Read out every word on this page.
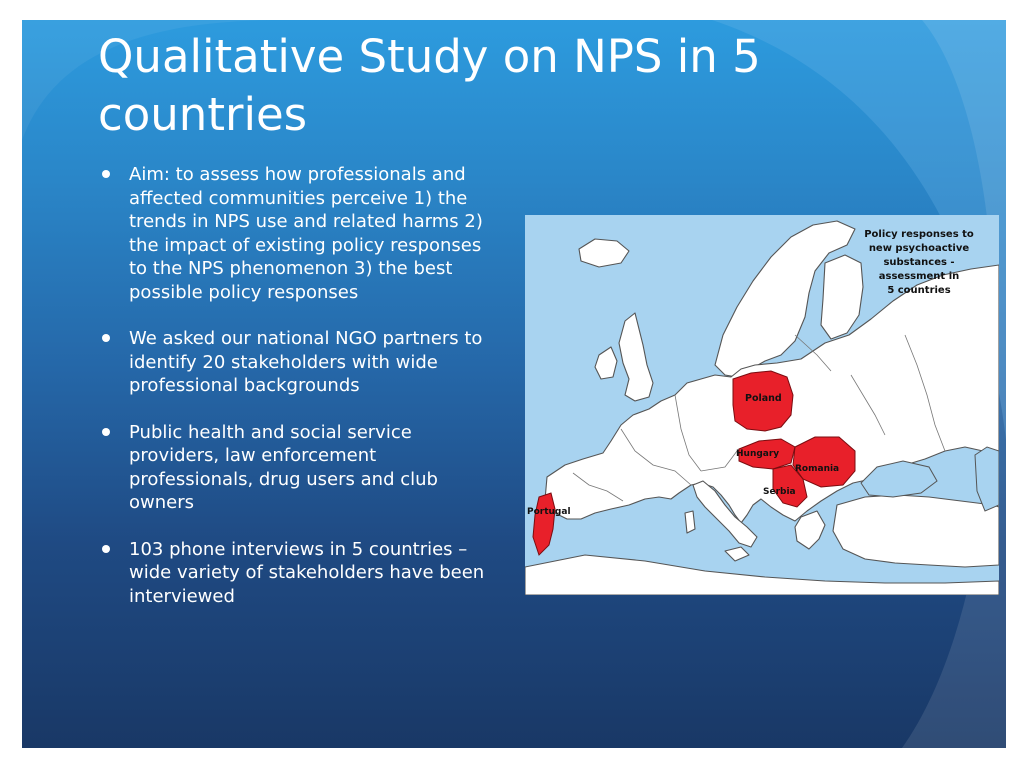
Qualitative Study on NPS in 5
countries
Aim: to assess how professionals and affected communities perceive 1) the trends in NPS use and related harms 2) the impact of existing policy responses to the NPS phenomenon 3) the best possible policy responses
We asked our national NGO partners to identify 20 stakeholders with wide professional backgrounds
Public health and social service providers, law enforcement professionals, drug users and club owners
103 phone interviews in 5 countries – wide variety of stakeholders have been interviewed
Poland
Hungary
Romania
Serbia
Portugal
Policy responses to
new psychoactive
substances -
assessment in
5 countries
